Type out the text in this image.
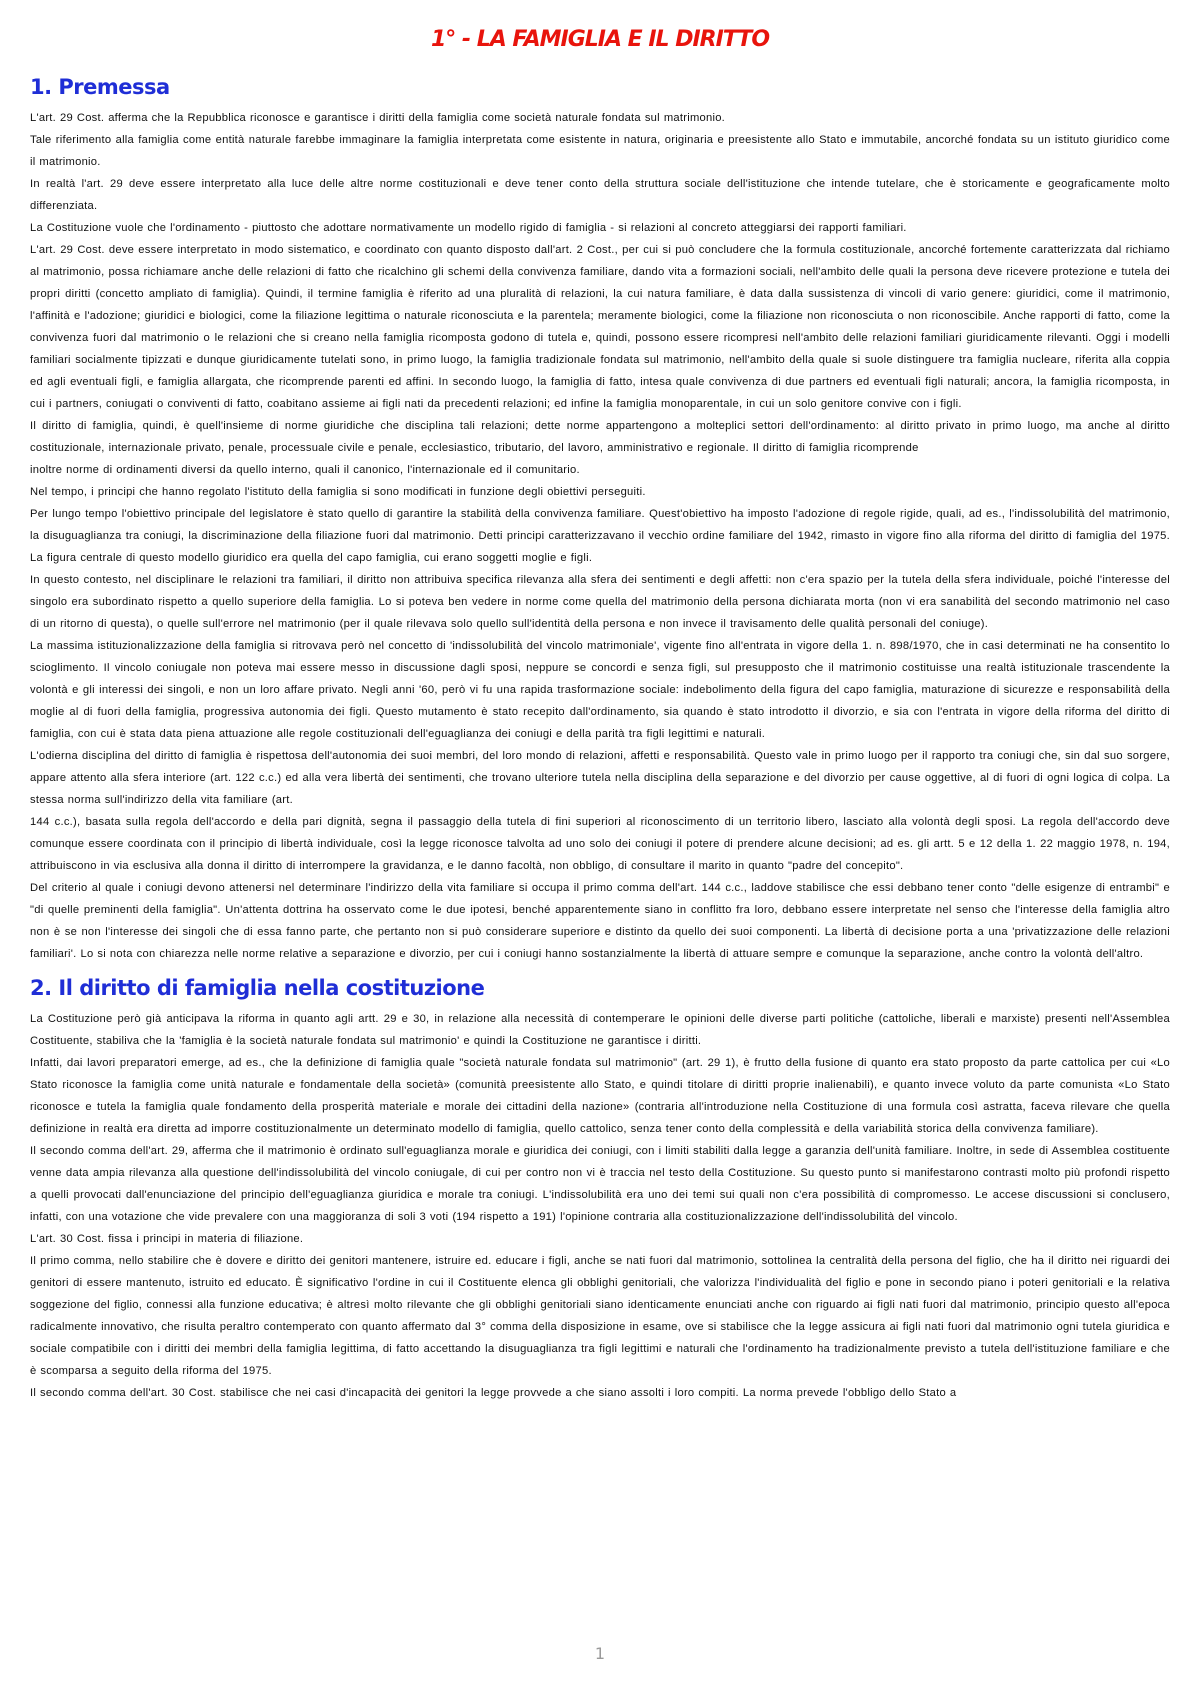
1° - LA FAMIGLIA E IL DIRITTO
1. Premessa

L'art. 29 Cost. afferma che la Repubblica riconosce e garantisce i diritti della famiglia come società naturale fondata sul matrimonio.

Tale riferimento alla famiglia come entità naturale farebbe immaginare la famiglia interpretata come esistente in natura, originaria e preesistente allo Stato e immutabile, ancorché fondata su un istituto giuridico come il matrimonio.

In realtà l'art. 29 deve essere interpretato alla luce delle altre norme costituzionali e deve tener conto della struttura sociale dell'istituzione che intende tutelare, che è storicamente e geograficamente molto differenziata.

La Costituzione vuole che l'ordinamento - piuttosto che adottare normativamente un modello rigido di famiglia - si relazioni al concreto atteggiarsi dei rapporti familiari.

L'art. 29 Cost. deve essere interpretato in modo sistematico, e coordinato con quanto disposto dall'art. 2 Cost., per cui si può concludere che la formula costituzionale, ancorché fortemente caratterizzata dal richiamo al matrimonio, possa richiamare anche delle relazioni di fatto che ricalchino gli schemi della convivenza familiare, dando vita a formazioni sociali, nell'ambito delle quali la persona deve ricevere protezione e tutela dei propri diritti (concetto ampliato di famiglia). Quindi, il termine famiglia è riferito ad una pluralità di relazioni, la cui natura familiare, è data dalla sussistenza di vincoli di vario genere: giuridici, come il matrimonio, l'affinità e l'adozione; giuridici e biologici, come la filiazione legittima o naturale riconosciuta e la parentela; meramente biologici, come la filiazione non riconosciuta o non riconoscibile. Anche rapporti di fatto, come la convivenza fuori dal matrimonio o le relazioni che si creano nella famiglia ricomposta godono di tutela e, quindi, possono essere ricompresi nell'ambito delle relazioni familiari giuridicamente rilevanti. Oggi i modelli familiari socialmente tipizzati e dunque giuridicamente tutelati sono, in primo luogo, la famiglia tradizionale fondata sul matrimonio, nell'ambito della quale si suole distinguere tra famiglia nucleare, riferita alla coppia ed agli eventuali figli, e famiglia allargata, che ricomprende parenti ed affini. In secondo luogo, la famiglia di fatto, intesa quale convivenza di due partners ed eventuali figli naturali; ancora, la famiglia ricomposta, in cui i partners, coniugati o conviventi di fatto, coabitano assieme ai figli nati da precedenti relazioni; ed infine la famiglia monoparentale, in cui un solo genitore convive con i figli.

Il diritto di famiglia, quindi, è quell'insieme di norme giuridiche che disciplina tali relazioni; dette norme appartengono a molteplici settori dell'ordinamento: al diritto privato in primo luogo, ma anche al diritto costituzionale, internazionale privato, penale, processuale civile e penale, ecclesiastico, tributario, del lavoro, amministrativo e regionale. Il diritto di famiglia ricomprende

inoltre norme di ordinamenti diversi da quello interno, quali il canonico, l'internazionale ed il comunitario.

Nel tempo, i principi che hanno regolato l'istituto della famiglia si sono modificati in funzione degli obiettivi perseguiti.

Per lungo tempo l'obiettivo principale del legislatore è stato quello di garantire la stabilità della convivenza familiare. Quest'obiettivo ha imposto l'adozione di regole rigide, quali, ad es., l'indissolubilità del matrimonio, la disuguaglianza tra coniugi, la discriminazione della filiazione fuori dal matrimonio. Detti principi caratterizzavano il vecchio ordine familiare del 1942, rimasto in vigore fino alla riforma del diritto di famiglia del 1975. La figura centrale di questo modello giuridico era quella del capo famiglia, cui erano soggetti moglie e figli.

In questo contesto, nel disciplinare le relazioni tra familiari, il diritto non attribuiva specifica rilevanza alla sfera dei sentimenti e degli affetti: non c'era spazio per la tutela della sfera individuale, poiché l'interesse del singolo era subordinato rispetto a quello superiore della famiglia. Lo si poteva ben vedere in norme come quella del matrimonio della persona dichiarata morta (non vi era sanabilità del secondo matrimonio nel caso di un ritorno di questa), o quelle sull'errore nel matrimonio (per il quale rilevava solo quello sull'identità della persona e non invece il travisamento delle qualità personali del coniuge).

La massima istituzionalizzazione della famiglia si ritrovava però nel concetto di 'indissolubilità del vincolo matrimoniale', vigente fino all'entrata in vigore della 1. n. 898/1970, che in casi determinati ne ha consentito lo scioglimento. Il vincolo coniugale non poteva mai essere messo in discussione dagli sposi, neppure se concordi e senza figli, sul presupposto che il matrimonio costituisse una realtà istituzionale trascendente la volontà e gli interessi dei singoli, e non un loro affare privato. Negli anni '60, però vi fu una rapida trasformazione sociale: indebolimento della figura del capo famiglia, maturazione di sicurezze e responsabilità della moglie al di fuori della famiglia, progressiva autonomia dei figli. Questo mutamento è stato recepito dall'ordinamento, sia quando è stato introdotto il divorzio, e sia con l'entrata in vigore della riforma del diritto di famiglia, con cui è stata data piena attuazione alle regole costituzionali dell'eguaglianza dei coniugi e della parità tra figli legittimi e naturali.

L'odierna disciplina del diritto di famiglia è rispettosa dell'autonomia dei suoi membri, del loro mondo di relazioni, affetti e responsabilità. Questo vale in primo luogo per il rapporto tra coniugi che, sin dal suo sorgere, appare attento alla sfera interiore (art. 122 c.c.) ed alla vera libertà dei sentimenti, che trovano ulteriore tutela nella disciplina della separazione e del divorzio per cause oggettive, al di fuori di ogni logica di colpa. La stessa norma sull'indirizzo della vita familiare (art.

144 c.c.), basata sulla regola dell'accordo e della pari dignità, segna il passaggio della tutela di fini superiori al riconoscimento di un territorio libero, lasciato alla volontà degli sposi. La regola dell'accordo deve comunque essere coordinata con il principio di libertà individuale, così la legge riconosce talvolta ad uno solo dei coniugi il potere di prendere alcune decisioni; ad es. gli artt. 5 e 12 della 1. 22 maggio 1978, n. 194, attribuiscono in via esclusiva alla donna il diritto di interrompere la gravidanza, e le danno facoltà, non obbligo, di consultare il marito in quanto "padre del concepito".

Del criterio al quale i coniugi devono attenersi nel determinare l'indirizzo della vita familiare si occupa il primo comma dell'art. 144 c.c., laddove stabilisce che essi debbano tener conto "delle esigenze di entrambi" e "di quelle preminenti della famiglia". Un'attenta dottrina ha osservato come le due ipotesi, benché apparentemente siano in conflitto fra loro, debbano essere interpretate nel senso che l'interesse della famiglia altro non è se non l'interesse dei singoli che di essa fanno parte, che pertanto non si può considerare superiore e distinto da quello dei suoi componenti. La libertà di decisione porta a una 'privatizzazione delle relazioni familiari'. Lo si nota con chiarezza nelle norme relative a separazione e divorzio, per cui i coniugi hanno sostanzialmente la libertà di attuare sempre e comunque la separazione, anche contro la volontà dell'altro.

2. Il diritto di famiglia nella costituzione

La Costituzione però già anticipava la riforma in quanto agli artt. 29 e 30, in relazione alla necessità di contemperare le opinioni delle diverse parti politiche (cattoliche, liberali e marxiste) presenti nell'Assemblea Costituente, stabiliva che la 'famiglia è la società naturale fondata sul matrimonio' e quindi la Costituzione ne garantisce i diritti.

Infatti, dai lavori preparatori emerge, ad es., che la definizione di famiglia quale "società naturale fondata sul matrimonio" (art. 29 1), è frutto della fusione di quanto era stato proposto da parte cattolica per cui «Lo Stato riconosce la famiglia come unità naturale e fondamentale della società» (comunità preesistente allo Stato, e quindi titolare di diritti proprie inalienabili), e quanto invece voluto da parte comunista «Lo Stato riconosce e tutela la famiglia quale fondamento della prosperità materiale e morale dei cittadini della nazione» (contraria all'introduzione nella Costituzione di una formula così astratta, faceva rilevare che quella definizione in realtà era diretta ad imporre costituzionalmente un determinato modello di famiglia, quello cattolico, senza tener conto della complessità e della variabilità storica della convivenza familiare).

Il secondo comma dell'art. 29, afferma che il matrimonio è ordinato sull'eguaglianza morale e giuridica dei coniugi, con i limiti stabiliti dalla legge a garanzia dell'unità familiare. Inoltre, in sede di Assemblea costituente venne data ampia rilevanza alla questione dell'indissolubilità del vincolo coniugale, di cui per contro non vi è traccia nel testo della Costituzione. Su questo punto si manifestarono contrasti molto più profondi rispetto a quelli provocati dall'enunciazione del principio dell'eguaglianza giuridica e morale tra coniugi. L'indissolubilità era uno dei temi sui quali non c'era possibilità di compromesso. Le accese discussioni si conclusero, infatti, con una votazione che vide prevalere con una maggioranza di soli 3 voti (194 rispetto a 191) l'opinione contraria alla costituzionalizzazione dell'indissolubilità del vincolo.

L'art. 30 Cost. fissa i principi in materia di filiazione.

Il primo comma, nello stabilire che è dovere e diritto dei genitori mantenere, istruire ed. educare i figli, anche se nati fuori dal matrimonio, sottolinea la centralità della persona del figlio, che ha il diritto nei riguardi dei genitori di essere mantenuto, istruito ed educato. È significativo l'ordine in cui il Costituente elenca gli obblighi genitoriali, che valorizza l'individualità del figlio e pone in secondo piano i poteri genitoriali e la relativa soggezione del figlio, connessi alla funzione educativa; è altresì molto rilevante che gli obblighi genitoriali siano identicamente enunciati anche con riguardo ai figli nati fuori dal matrimonio, principio questo all'epoca radicalmente innovativo, che risulta peraltro contemperato con quanto affermato dal 3° comma della disposizione in esame, ove si stabilisce che la legge assicura ai figli nati fuori dal matrimonio ogni tutela giuridica e sociale compatibile con i diritti dei membri della famiglia legittima, di fatto accettando la disuguaglianza tra figli legittimi e naturali che l'ordinamento ha tradizionalmente previsto a tutela dell'istituzione familiare e che è scomparsa a seguito della riforma del 1975.

Il secondo comma dell'art. 30 Cost. stabilisce che nei casi d'incapacità dei genitori la legge provvede a che siano assolti i loro compiti. La norma prevede l'obbligo dello Stato a

1
